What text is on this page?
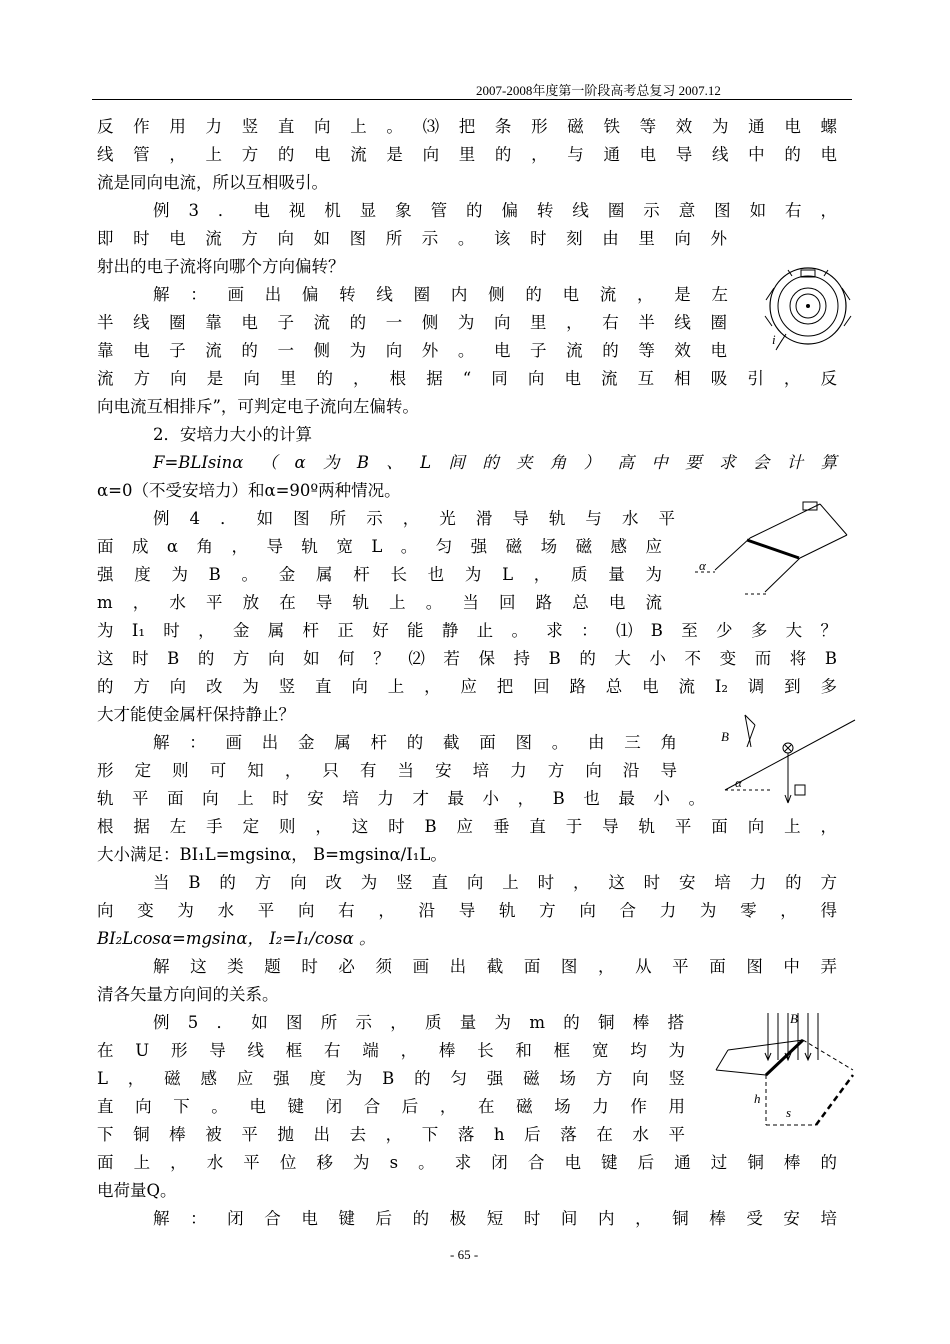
2007-2008年度第一阶段高考总复习 2007.12
反作用力竖直向上。⑶把条形磁铁等效为通电螺
线管，上方的电流是向里的，与通电导线中的电
流是同向电流，所以互相吸引。
例3．电视机显象管的偏转线圈示意图如右，
即时电流方向如图所示。该时刻由里向外
射出的电子流将向哪个方向偏转？
解：画出偏转线圈内侧的电流，是左
半线圈靠电子流的一侧为向里，右半线圈
靠电子流的一侧为向外。电子流的等效电
流方向是向里的，根据“同向电流互相吸引，反
向电流互相排斥”，可判定电子流向左偏转。
2．安培力大小的计算
F=BLIsinα（α为B、L间的夹角）高中要求会计算
α=0（不受安培力）和α=90º两种情况。
例4．如图所示，光滑导轨与水平
面成α角，导轨宽L。匀强磁场磁感应
强度为B。金属杆长也为L，质量为
m，水平放在导轨上。当回路总电流
为I₁时，金属杆正好能静止。求：⑴B至少多大？
这时B的方向如何？⑵若保持B的大小不变而将B
的方向改为竖直向上，应把回路总电流I₂调到多
大才能使金属杆保持静止？
解：画出金属杆的截面图。由三角
形定则可知，只有当安培力方向沿导
轨平面向上时安培力才最小，B也最小。
根据左手定则，这时B应垂直于导轨平面向上，
大小满足：BI₁L=mgsinα， B=mgsinα/I₁L。
当B的方向改为竖直向上时，这时安培力的方
向变为水平向右，沿导轨方向合力为零，得
BI₂Lcosα=mgsinα， I₂=I₁/cosα 。
解这类题时必须画出截面图，从平面图中弄
清各矢量方向间的关系。
例5．如图所示，质量为m的铜棒搭
在U形导线框右端，棒长和框宽均为
L，磁感应强度为B的匀强磁场方向竖
直向下。电键闭合后，在磁场力作用
下铜棒被平抛出去，下落h后落在水平
面上，水平位移为s。求闭合电键后通过铜棒的
电荷量Q。
解：闭合电键后的极短时间内，铜棒受安培
i
α
B
α
B
h
s
- 65 -
